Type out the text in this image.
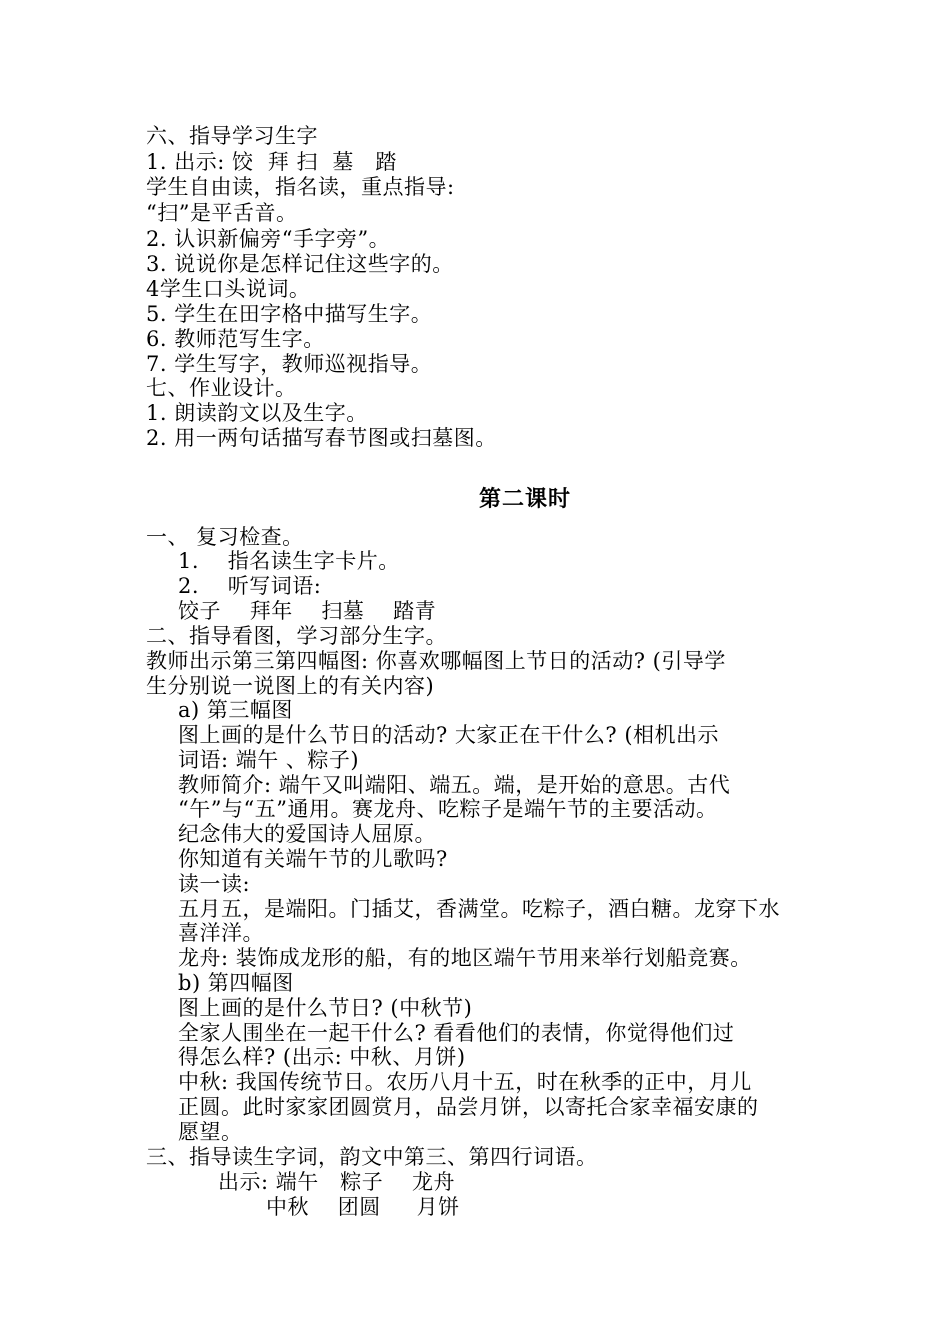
六、指导学习生字
1. 出示: 饺  拜 扫  墓   踏
学生自由读，指名读，重点指导:
“扫”是平舌音。
2. 认识新偏旁“手字旁”。
3. 说说你是怎样记住这些字的。
4学生口头说词。
5. 学生在田字格中描写生字。
6. 教师范写生字。
7. 学生写字，教师巡视指导。
七、作业设计。
1. 朗读韵文以及生字。
2. 用一两句话描写春节图或扫墓图。
第二课时
一、 复习检查。
1.    指名读生字卡片。
2.    听写词语:
饺子    拜年    扫墓    踏青
二、指导看图，学习部分生字。
教师出示第三第四幅图: 你喜欢哪幅图上节日的活动? (引导学
生分别说一说图上的有关内容)
a) 第三幅图
图上画的是什么节日的活动? 大家正在干什么? (相机出示
词语: 端午 、粽子)
教师简介: 端午又叫端阳、端五。端，是开始的意思。古代
“午”与“五”通用。赛龙舟、吃粽子是端午节的主要活动。
纪念伟大的爱国诗人屈原。
你知道有关端午节的儿歌吗?
读一读:
五月五，是端阳。门插艾，香满堂。吃粽子，酒白糖。龙穿下水
喜洋洋。
龙舟: 装饰成龙形的船，有的地区端午节用来举行划船竞赛。
b) 第四幅图
图上画的是什么节日? (中秋节)
全家人围坐在一起干什么? 看看他们的表情，你觉得他们过
得怎么样? (出示: 中秋、月饼)
中秋: 我国传统节日。农历八月十五，时在秋季的正中，月儿
正圆。此时家家团圆赏月，品尝月饼，以寄托合家幸福安康的
愿望。
三、指导读生字词，韵文中第三、第四行词语。
出示: 端午   粽子    龙舟
中秋    团圆     月饼
